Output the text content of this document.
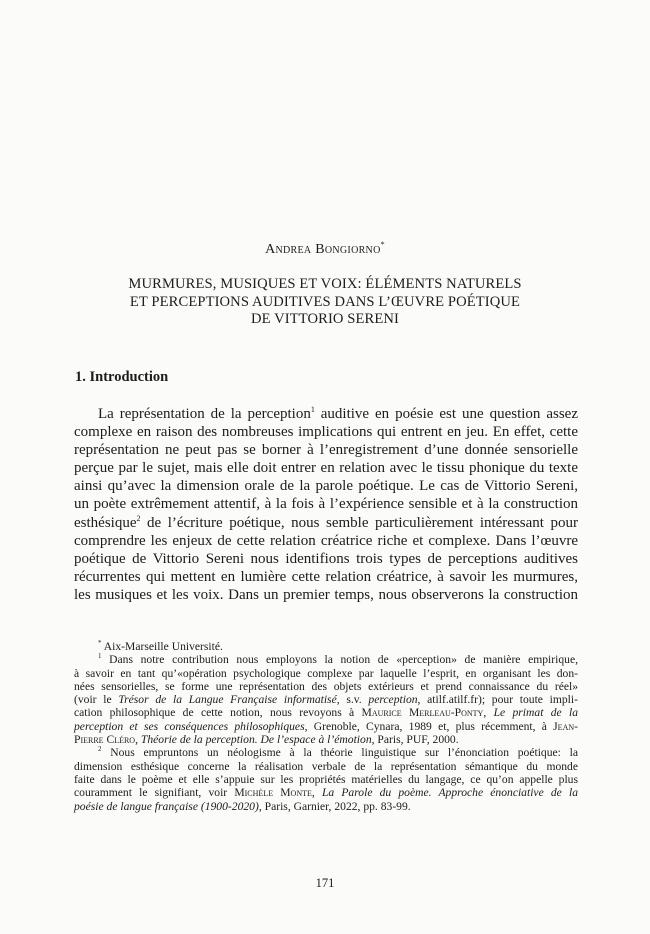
Andrea Bongiorno*
MURMURES, MUSIQUES ET VOIX: ÉLÉMENTS NATURELS
ET PERCEPTIONS AUDITIVES DANS L’ŒUVRE POÉTIQUE
DE VITTORIO SERENI
1. Introduction
La représentation de la perception$^1$ auditive en poésie est une question assez
complexe en raison des nombreuses implications qui entrent en jeu. En effet, cette
représentation ne peut pas se borner à l’enregistrement d’une donnée sensorielle
perçue par le sujet, mais elle doit entrer en relation avec le tissu phonique du texte
ainsi qu’avec la dimension orale de la parole poétique. Le cas de Vittorio Sereni,
un poète extrêmement attentif, à la fois à l’expérience sensible et à la construction
esthésique$^2$ de l’écriture poétique, nous semble particulièrement intéressant pour
comprendre les enjeux de cette relation créatrice riche et complexe. Dans l’œuvre
poétique de Vittorio Sereni nous identifions trois types de perceptions auditives
récurrentes qui mettent en lumière cette relation créatrice, à savoir les murmures,
les musiques et les voix. Dans un premier temps, nous observerons la construction
* Aix-Marseille Université.
$^1$ Dans notre contribution nous employons la notion de «perception» de manière empirique,
à savoir en tant qu’«opération psychologique complexe par laquelle l’esprit, en organisant les don-
nées sensorielles, se forme une représentation des objets extérieurs et prend connaissance du réel»
(voir le Trésor de la Langue Française informatisé, s.v. perception, atilf.atilf.fr); pour toute impli-
cation philosophique de cette notion, nous revoyons à Maurice Merleau-Ponty, Le primat de la
perception et ses conséquences philosophiques, Grenoble, Cynara, 1989 et, plus récemment, à Jean-
Pierre Cléro, Théorie de la perception. De l’espace à l’émotion, Paris, PUF, 2000.
$^2$ Nous empruntons un néologisme à la théorie linguistique sur l’énonciation poétique: la
dimension esthésique concerne la réalisation verbale de la représentation sémantique du monde
faite dans le poème et elle s’appuie sur les propriétés matérielles du langage, ce qu’on appelle plus
couramment le signifiant, voir Michèle Monte, La Parole du poème. Approche énonciative de la
poésie de langue française (1900-2020), Paris, Garnier, 2022, pp. 83-99.
171
